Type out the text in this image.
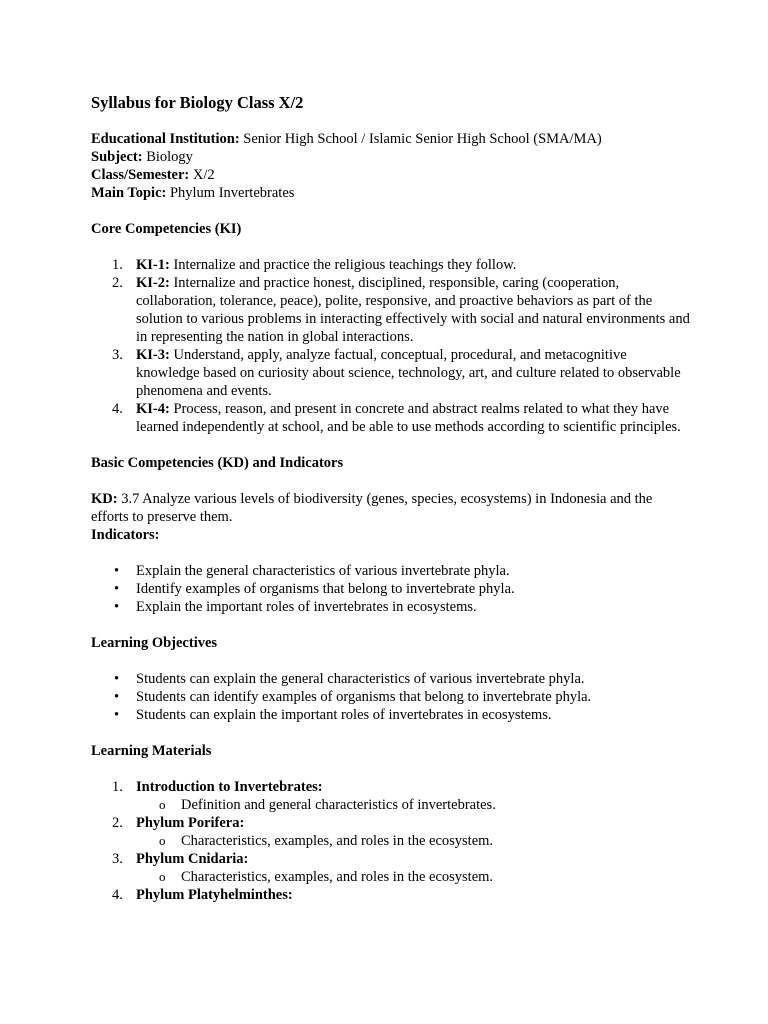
Syllabus for Biology Class X/2
Educational Institution: Senior High School / Islamic Senior High School (SMA/MA)
Subject: Biology
Class/Semester: X/2
Main Topic: Phylum Invertebrates
Core Competencies (KI)
KI-1: Internalize and practice the religious teachings they follow.
KI-2: Internalize and practice honest, disciplined, responsible, caring (cooperation, collaboration, tolerance, peace), polite, responsive, and proactive behaviors as part of the solution to various problems in interacting effectively with social and natural environments and in representing the nation in global interactions.
KI-3: Understand, apply, analyze factual, conceptual, procedural, and metacognitive knowledge based on curiosity about science, technology, art, and culture related to observable phenomena and events.
KI-4: Process, reason, and present in concrete and abstract realms related to what they have learned independently at school, and be able to use methods according to scientific principles.
Basic Competencies (KD) and Indicators
KD: 3.7 Analyze various levels of biodiversity (genes, species, ecosystems) in Indonesia and the efforts to preserve them.
Indicators:
• Explain the general characteristics of various invertebrate phyla.
• Identify examples of organisms that belong to invertebrate phyla.
• Explain the important roles of invertebrates in ecosystems.
Learning Objectives
• Students can explain the general characteristics of various invertebrate phyla.
• Students can identify examples of organisms that belong to invertebrate phyla.
• Students can explain the important roles of invertebrates in ecosystems.
Learning Materials
Introduction to Invertebrates:
o Definition and general characteristics of invertebrates.
Phylum Porifera:
o Characteristics, examples, and roles in the ecosystem.
Phylum Cnidaria:
o Characteristics, examples, and roles in the ecosystem.
Phylum Platyhelminthes:
